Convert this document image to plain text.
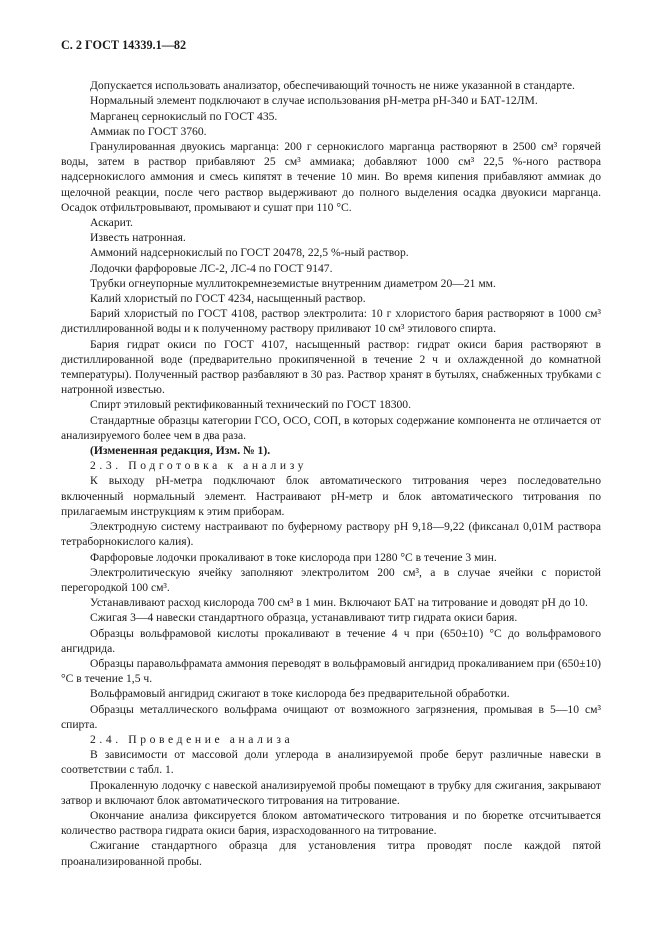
С. 2 ГОСТ 14339.1—82

Допускается использовать анализатор, обеспечивающий точность не ниже указанной в стандарте.

Нормальный элемент подключают в случае использования pH-метра pH-340 и БАТ-12ЛМ.

Марганец сернокислый по ГОСТ 435.

Аммиак по ГОСТ 3760.

Гранулированная двуокись марганца: 200 г сернокислого марганца растворяют в 2500 см³ горячей воды, затем в раствор прибавляют 25 см³ аммиака; добавляют 1000 см³ 22,5 %-ного раствора надсернокислого аммония и смесь кипятят в течение 10 мин. Во время кипения прибавляют аммиак до щелочной реакции, после чего раствор выдерживают до полного выделения осадка двуокиси марганца. Осадок отфильтровывают, промывают и сушат при 110 °С.

Аскарит.

Известь натронная.

Аммоний надсернокислый по ГОСТ 20478, 22,5 %-ный раствор.

Лодочки фарфоровые ЛС-2, ЛС-4 по ГОСТ 9147.

Трубки огнеупорные муллитокремнеземистые внутренним диаметром 20—21 мм.

Калий хлористый по ГОСТ 4234, насыщенный раствор.

Барий хлористый по ГОСТ 4108, раствор электролита: 10 г хлористого бария растворяют в 1000 см³ дистиллированной воды и к полученному раствору приливают 10 см³ этилового спирта.

Бария гидрат окиси по ГОСТ 4107, насыщенный раствор: гидрат окиси бария растворяют в дистиллированной воде (предварительно прокипяченной в течение 2 ч и охлажденной до комнатной температуры). Полученный раствор разбавляют в 30 раз. Раствор хранят в бутылях, снабженных трубками с натронной известью.

Спирт этиловый ректификованный технический по ГОСТ 18300.

Стандартные образцы категории ГСО, ОСО, СОП, в которых содержание компонента не отличается от анализируемого более чем в два раза.

(Измененная редакция, Изм. № 1).

2.3. Подготовка к анализу

К выходу pH-метра подключают блок автоматического титрования через последовательно включенный нормальный элемент. Настраивают pH-метр и блок автоматического титрования по прилагаемым инструкциям к этим приборам.

Электродную систему настраивают по буферному раствору pH 9,18—9,22 (фиксанал 0,01М раствора тетраборнокислого калия).

Фарфоровые лодочки прокаливают в токе кислорода при 1280 °С в течение 3 мин.

Электролитическую ячейку заполняют электролитом 200 см³, а в случае ячейки с пористой перегородкой 100 см³.

Устанавливают расход кислорода 700 см³ в 1 мин. Включают БАТ на титрование и доводят pH до 10.

Сжигая 3—4 навески стандартного образца, устанавливают титр гидрата окиси бария.

Образцы вольфрамовой кислоты прокаливают в течение 4 ч при (650±10) °С до вольфрамового ангидрида.

Образцы паравольфрамата аммония переводят в вольфрамовый ангидрид прокаливанием при (650±10) °С в течение 1,5 ч.

Вольфрамовый ангидрид сжигают в токе кислорода без предварительной обработки.

Образцы металлического вольфрама очищают от возможного загрязнения, промывая в 5—10 см³ спирта.

2.4. Проведение анализа

В зависимости от массовой доли углерода в анализируемой пробе берут различные навески в соответствии с табл. 1.

Прокаленную лодочку с навеской анализируемой пробы помещают в трубку для сжигания, закрывают затвор и включают блок автоматического титрования на титрование.

Окончание анализа фиксируется блоком автоматического титрования и по бюретке отсчитывается количество раствора гидрата окиси бария, израсходованного на титрование.

Сжигание стандартного образца для установления титра проводят после каждой пятой проанализированной пробы.
